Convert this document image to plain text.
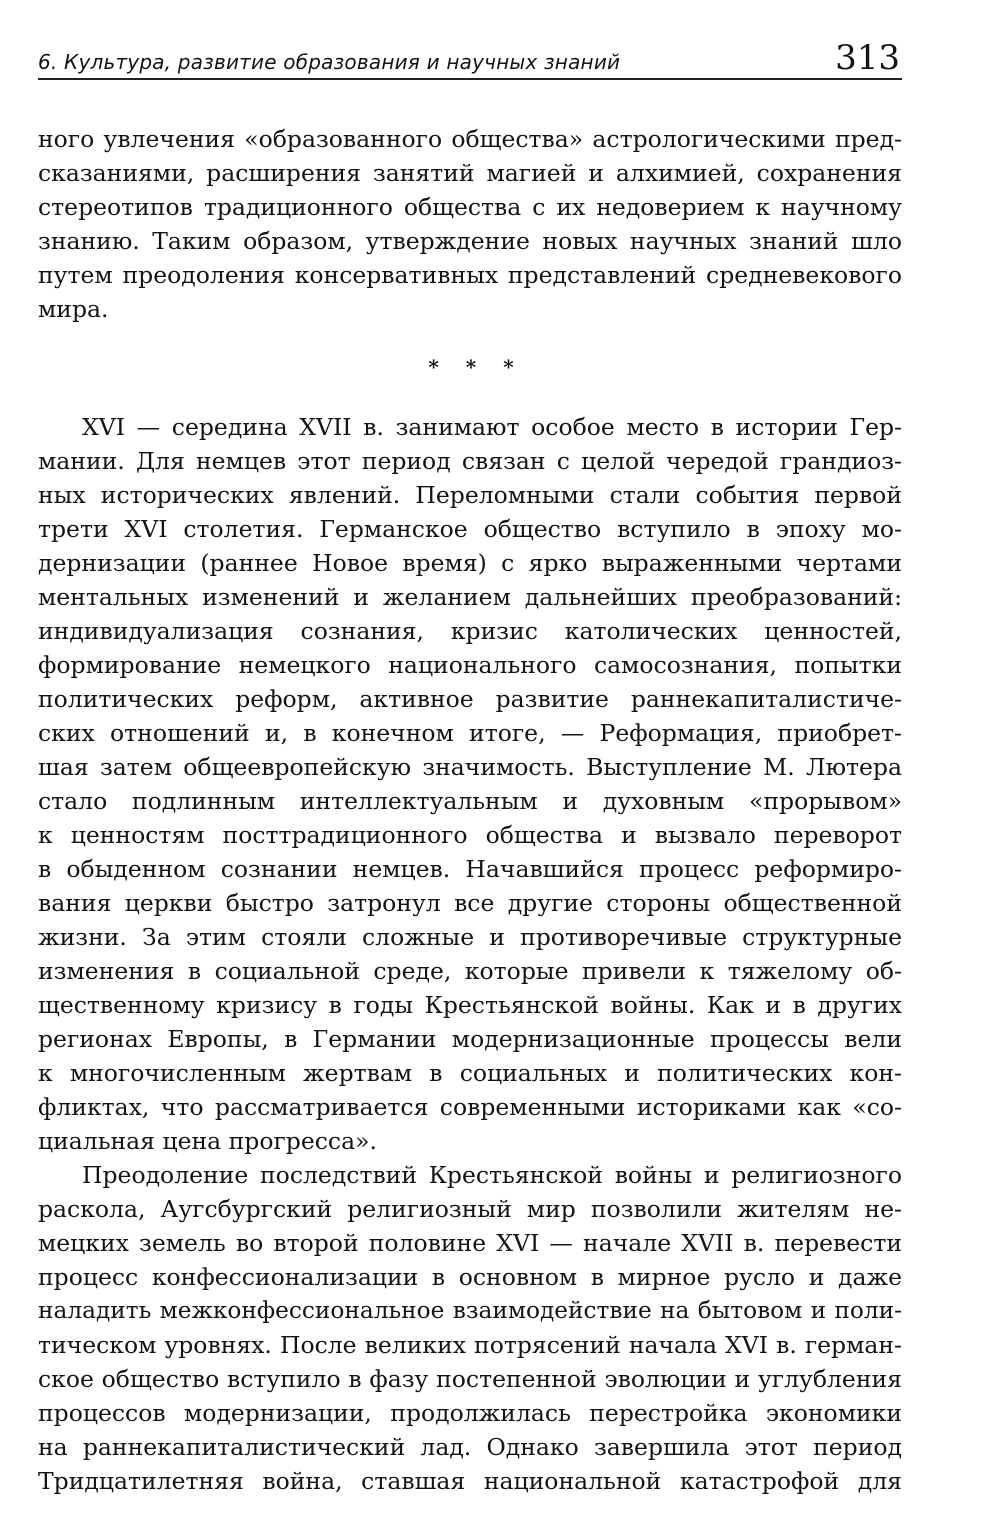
6. Культура, развитие образования и научных знаний	313
ного увлечения «образованного общества» астрологическими пред-
сказаниями, расширения занятий магией и алхимией, сохранения
стереотипов традиционного общества с их недоверием к научному
знанию. Таким образом, утверждение новых научных знаний шло
путем преодоления консервативных представлений средневекового
мира.
* * *
XVI — середина XVII в. занимают особое место в истории Гер-
мании. Для немцев этот период связан с целой чередой грандиоз-
ных исторических явлений. Переломными стали события первой
трети XVI столетия. Германское общество вступило в эпоху мо-
дернизации (раннее Новое время) с ярко выраженными чертами
ментальных изменений и желанием дальнейших преобразований:
индивидуализация сознания, кризис католических ценностей,
формирование немецкого национального самосознания, попытки
политических реформ, активное развитие раннекапиталистиче-
ских отношений и, в конечном итоге, — Реформация, приобрет-
шая затем общеевропейскую значимость. Выступление М. Лютера
стало подлинным интеллектуальным и духовным «прорывом»
к ценностям посттрадиционного общества и вызвало переворот
в обыденном сознании немцев. Начавшийся процесс реформиро-
вания церкви быстро затронул все другие стороны общественной
жизни. За этим стояли сложные и противоречивые структурные
изменения в социальной среде, которые привели к тяжелому об-
щественному кризису в годы Крестьянской войны. Как и в других
регионах Европы, в Германии модернизационные процессы вели
к многочисленным жертвам в социальных и политических кон-
фликтах, что рассматривается современными историками как «со-
циальная цена прогресса».
Преодоление последствий Крестьянской войны и религиозного
раскола, Аугсбургский религиозный мир позволили жителям не-
мецких земель во второй половине XVI — начале XVII в. перевести
процесс конфессионализации в основном в мирное русло и даже
наладить межконфессиональное взаимодействие на бытовом и поли-
тическом уровнях. После великих потрясений начала XVI в. герман-
ское общество вступило в фазу постепенной эволюции и углубления
процессов модернизации, продолжилась перестройка экономики
на раннекапиталистический лад. Однако завершила этот период
Тридцатилетняя война, ставшая национальной катастрофой для
